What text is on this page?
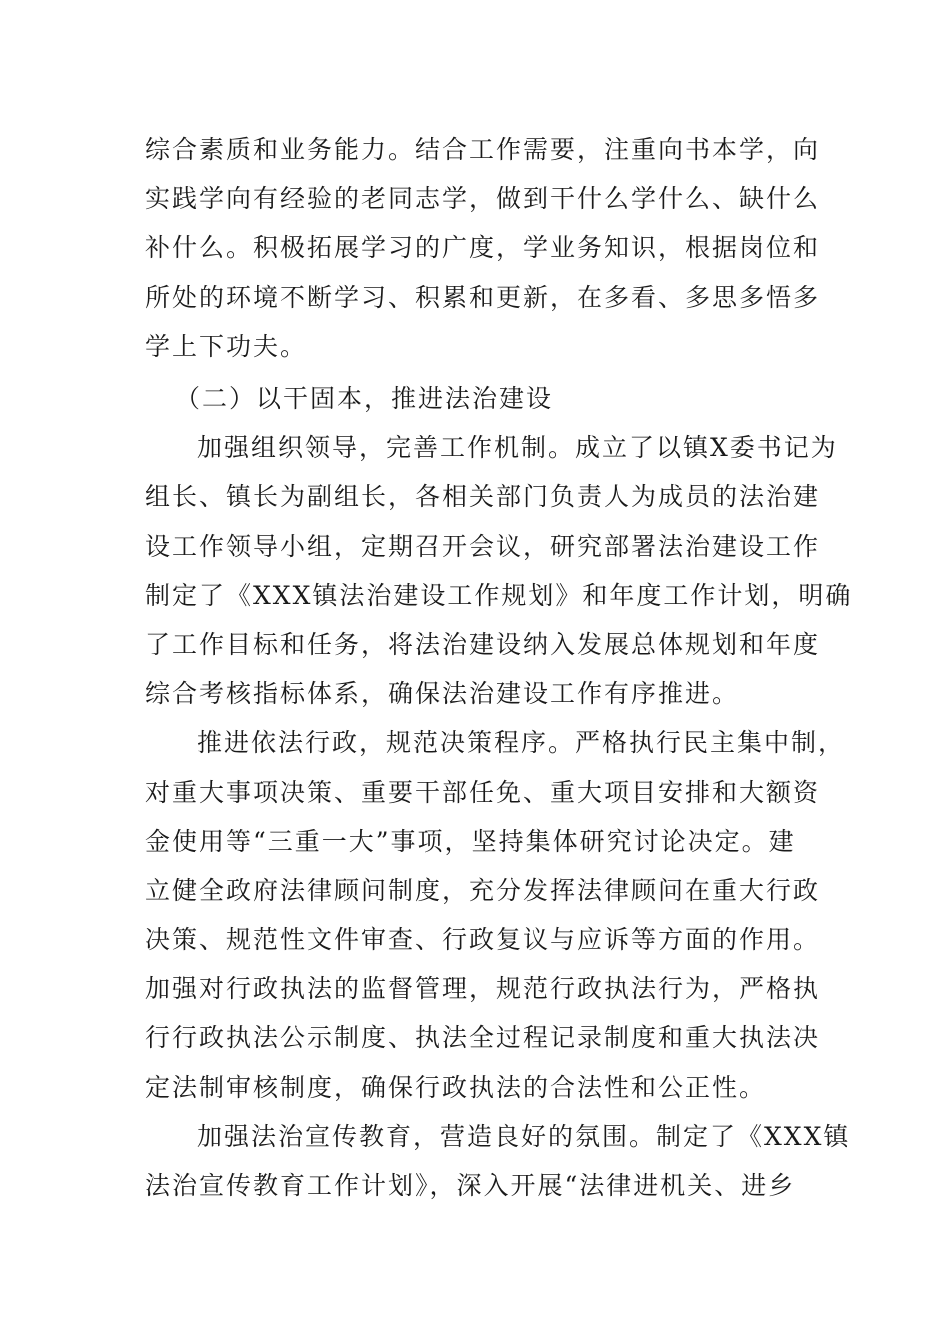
综合素质和业务能力。结合工作需要，注重向书本学，向
实践学向有经验的老同志学，做到干什么学什么、缺什么
补什么。积极拓展学习的广度，学业务知识，根据岗位和
所处的环境不断学习、积累和更新，在多看、多思多悟多
学上下功夫。
（二）以干固本，推进法治建设
加强组织领导，完善工作机制。成立了以镇X委书记为
组长、镇长为副组长，各相关部门负责人为成员的法治建
设工作领导小组，定期召开会议，研究部署法治建设工作
制定了《XXX镇法治建设工作规划》和年度工作计划，明确
了工作目标和任务，将法治建设纳入发展总体规划和年度
综合考核指标体系，确保法治建设工作有序推进。
推进依法行政，规范决策程序。严格执行民主集中制，
对重大事项决策、重要干部任免、重大项目安排和大额资
金使用等“三重一大”事项，坚持集体研究讨论决定。建
立健全政府法律顾问制度，充分发挥法律顾问在重大行政
决策、规范性文件审查、行政复议与应诉等方面的作用。
加强对行政执法的监督管理，规范行政执法行为，严格执
行行政执法公示制度、执法全过程记录制度和重大执法决
定法制审核制度，确保行政执法的合法性和公正性。
加强法治宣传教育，营造良好的氛围。制定了《XXX镇
法治宣传教育工作计划》，深入开展“法律进机关、进乡
